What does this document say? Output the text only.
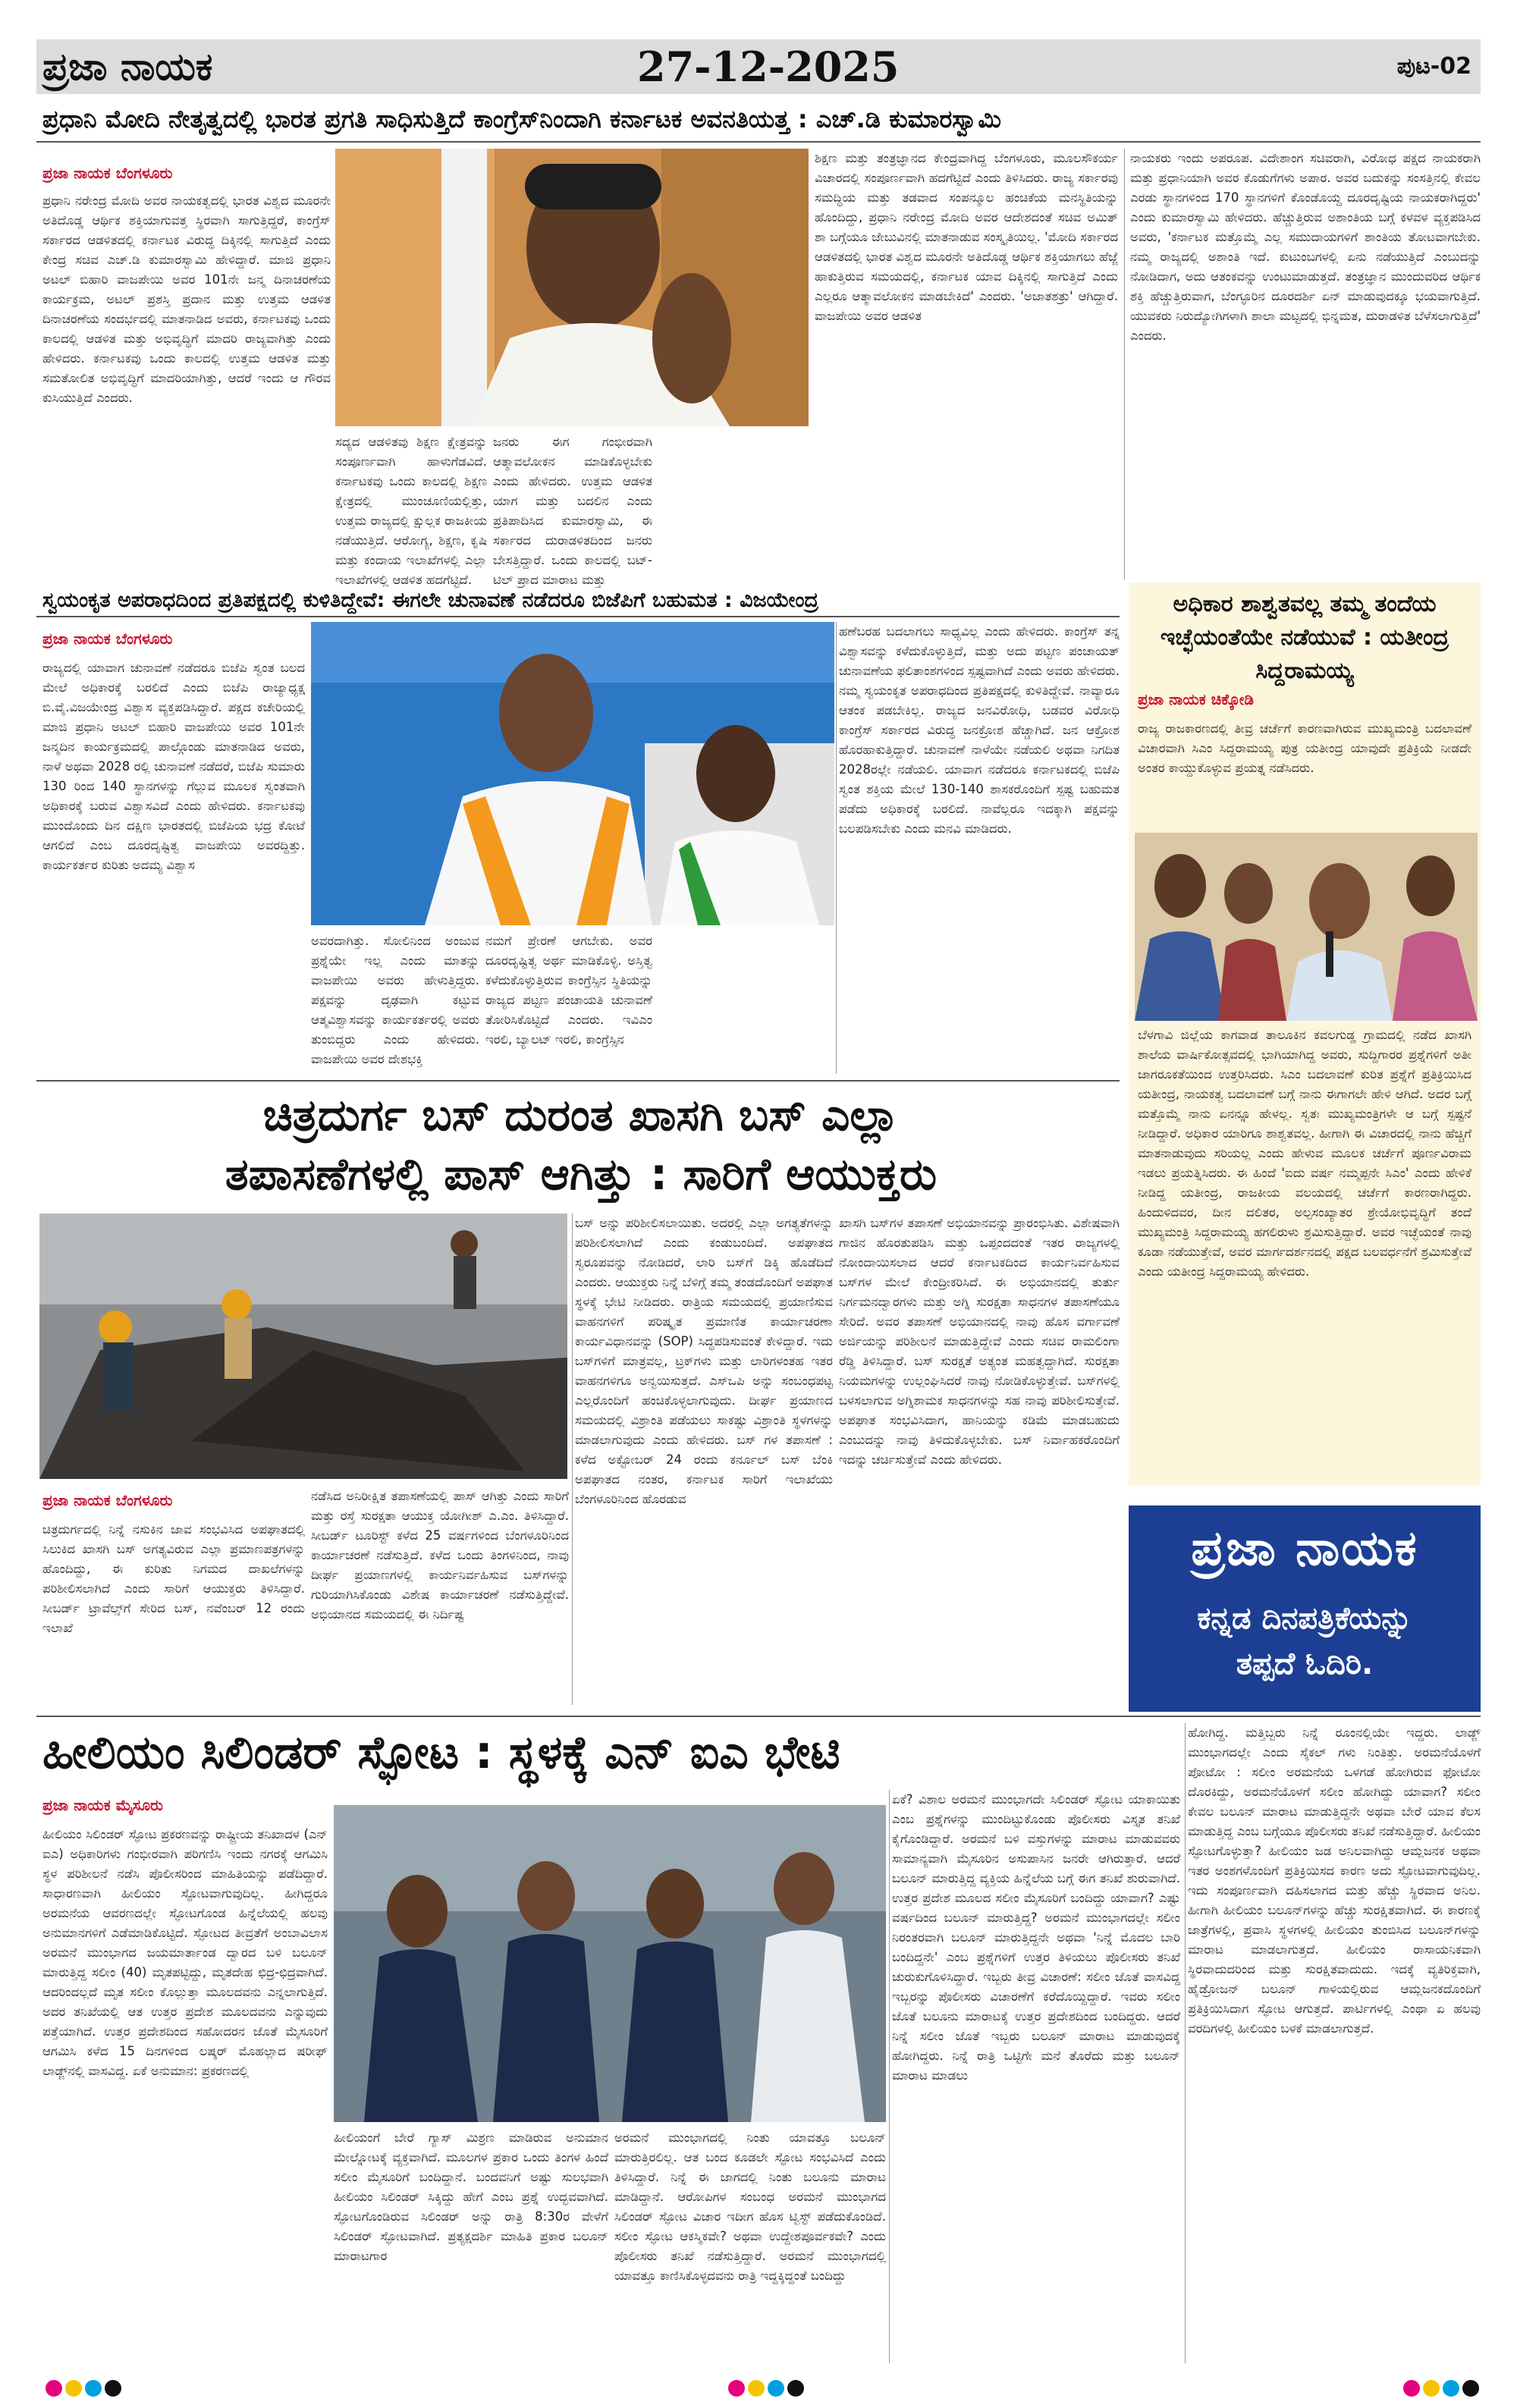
ಪ್ರಜಾ ನಾಯಕ	27-12-2025	ಪುಟ-02
ಪ್ರಧಾನಿ ಮೋದಿ ನೇತೃತ್ವದಲ್ಲಿ ಭಾರತ ಪ್ರಗತಿ ಸಾಧಿಸುತ್ತಿದೆ ಕಾಂಗ್ರೆಸ್‌ನಿಂದಾಗಿ ಕರ್ನಾಟಕ ಅವನತಿಯತ್ತ : ಎಚ್.ಡಿ ಕುಮಾರಸ್ವಾಮಿ
ಪ್ರಜಾ ನಾಯಕ ಬೆಂಗಳೂರು
ಪ್ರಧಾನಿ ನರೇಂದ್ರ ಮೋದಿ ಅವರ ನಾಯಕತ್ವದಲ್ಲಿ ಭಾರತ ವಿಶ್ವದ ಮೂರನೇ ಅತಿದೊಡ್ಡ ಆರ್ಥಿಕ ಶಕ್ತಿಯಾಗುವತ್ತ ಸ್ಥಿರವಾಗಿ ಸಾಗುತ್ತಿದ್ದರೆ, ಕಾಂಗ್ರೆಸ್ ಸರ್ಕಾರದ ಆಡಳಿತದಲ್ಲಿ ಕರ್ನಾಟಕ ವಿರುದ್ಧ ದಿಕ್ಕಿನಲ್ಲಿ ಸಾಗುತ್ತಿದೆ ಎಂದು ಕೇಂದ್ರ ಸಚಿವ ಎಚ್.ಡಿ ಕುಮಾರಸ್ವಾಮಿ ಹೇಳಿದ್ದಾರೆ. ಮಾಜಿ ಪ್ರಧಾನಿ ಅಟಲ್ ಬಿಹಾರಿ ವಾಜಪೇಯಿ ಅವರ 101ನೇ ಜನ್ಮ ದಿನಾಚರಣೆಯ ಕಾರ್ಯಕ್ರಮ, ಅಟಲ್ ಪ್ರಶಸ್ತಿ ಪ್ರದಾನ ಮತ್ತು ಉತ್ತಮ ಆಡಳಿತ ದಿನಾಚರಣೆಯ ಸಂದರ್ಭದಲ್ಲಿ ಮಾತನಾಡಿದ ಅವರು, ಕರ್ನಾಟಕವು ಒಂದು ಕಾಲದಲ್ಲಿ ಆಡಳಿತ ಮತ್ತು ಅಭಿವೃದ್ಧಿಗೆ ಮಾದರಿ ರಾಜ್ಯವಾಗಿತ್ತು ಎಂದು ಹೇಳಿದರು. ಕರ್ನಾಟಕವು ಒಂದು ಕಾಲದಲ್ಲಿ ಉತ್ತಮ ಆಡಳಿತ ಮತ್ತು ಸಮತೋಲಿತ ಅಭಿವೃದ್ಧಿಗೆ ಮಾದರಿಯಾಗಿತ್ತು, ಆದರೆ ಇಂದು ಆ ಗೌರವ ಕುಸಿಯುತ್ತಿದೆ ಎಂದರು.
ಸದ್ಯದ ಆಡಳಿತವು ಶಿಕ್ಷಣ ಕ್ಷೇತ್ರವನ್ನು ಸಂಪೂರ್ಣವಾಗಿ ಹಾಳುಗೆಡವಿದೆ. ಕರ್ನಾಟಕವು ಒಂದು ಕಾಲದಲ್ಲಿ ಶಿಕ್ಷಣ ಕ್ಷೇತ್ರದಲ್ಲಿ ಮುಂಚೂಣಿಯಲ್ಲಿತ್ತು, ಉತ್ತಮ ರಾಜ್ಯದಲ್ಲಿ ಕ್ಷುಲ್ಲಕ ರಾಜಕೀಯ ನಡೆಯುತ್ತಿದೆ. ಆರೋಗ್ಯ, ಶಿಕ್ಷಣ, ಕೃಷಿ ಮತ್ತು ಕಂದಾಯ ಇಲಾಖೆಗಳಲ್ಲಿ ಎಲ್ಲಾ ಇಲಾಖೆಗಳಲ್ಲಿ ಆಡಳಿತ ಹದಗೆಟ್ಟಿದೆ.
ಜನರು ಈಗ ಗಂಭೀರವಾಗಿ ಆತ್ಮಾವಲೋಕನ ಮಾಡಿಕೊಳ್ಳಬೇಕು ಎಂದು ಹೇಳಿದರು. ಉತ್ತಮ ಆಡಳಿತ ಯಾಗ ಮತ್ತು ಬದಲಿನ ಎಂದು ಪ್ರತಿಪಾದಿಸಿದ ಕುಮಾರಸ್ವಾಮಿ, ಈ ಸರ್ಕಾರದ ದುರಾಡಳಿತದಿಂದ ಜನರು ಬೇಸತ್ತಿದ್ದಾರೆ. ಒಂದು ಕಾಲದಲ್ಲಿ ಬಟ್-ಟಿಲ್ ಪ್ರಾದ ಮಾರಾಟ ಮತ್ತು
ಶಿಕ್ಷಣ ಮತ್ತು ತಂತ್ರಜ್ಞಾನದ ಕೇಂದ್ರವಾಗಿದ್ದ ಬೆಂಗಳೂರು, ಮೂಲಸೌಕರ್ಯ ವಿಚಾರದಲ್ಲಿ ಸಂಪೂರ್ಣವಾಗಿ ಹದಗೆಟ್ಟಿದೆ ಎಂದು ತಿಳಿಸಿದರು. ರಾಜ್ಯ ಸರ್ಕಾರವು ಸಮದ್ಧಿಯ ಮತ್ತು ತಡವಾದ ಸಂಪನ್ಮೂಲ ಹಂಚಿಕೆಯ ಮನಸ್ಥಿತಿಯನ್ನು ಹೊಂದಿದ್ದು, ಪ್ರಧಾನಿ ನರೇಂದ್ರ ಮೋದಿ ಅವರ ಆದೇಶದಂತೆ ಸಚಿವ ಅಮಿತ್ ಶಾ ಬಗ್ಗೆಯೂ ಜೇಬುವಿನಲ್ಲಿ ಮಾತನಾಡುವ ಸಂಸ್ಕೃತಿಯಿಲ್ಲ. 'ಮೋದಿ ಸರ್ಕಾರದ ಆಡಳಿತದಲ್ಲಿ ಭಾರತ ವಿಶ್ವದ ಮೂರನೇ ಅತಿದೊಡ್ಡ ಆರ್ಥಿಕ ಶಕ್ತಿಯಾಗಲು ಹೆಜ್ಜೆ ಹಾಕುತ್ತಿರುವ ಸಮಯದಲ್ಲಿ, ಕರ್ನಾಟಕ ಯಾವ ದಿಕ್ಕಿನಲ್ಲಿ ಸಾಗುತ್ತಿದೆ ಎಂದು ಎಲ್ಲರೂ ಆತ್ಮಾವಲೋಕನ ಮಾಡಬೇಕಿದೆ' ಎಂದರು. 'ಅಜಾತಶತ್ರು' ಆಗಿದ್ದಾರೆ. ವಾಜಪೇಯಿ ಅವರ ಆಡಳಿತ
ನಾಯಕರು ಇಂದು ಅಪರೂಪ. ವಿದೇಶಾಂಗ ಸಚಿವರಾಗಿ, ವಿರೋಧ ಪಕ್ಷದ ನಾಯಕರಾಗಿ ಮತ್ತು ಪ್ರಧಾನಿಯಾಗಿ ಅವರ ಕೊಡುಗೆಗಳು ಅಪಾರ. ಅವರ ಬದುಕನ್ನು ಸಂಸತ್ತಿನಲ್ಲಿ ಕೇವಲ ಎರಡು ಸ್ಥಾನಗಳಿಂದ 170 ಸ್ಥಾನಗಳಿಗೆ ಕೊಂಡೊಯ್ದ ದೂರದೃಷ್ಟಿಯ ನಾಯಕರಾಗಿದ್ದರು' ಎಂದು ಕುಮಾರಸ್ವಾಮಿ ಹೇಳಿದರು. ಹೆಚ್ಚುತ್ತಿರುವ ಅಶಾಂತಿಯ ಬಗ್ಗೆ ಕಳವಳ ವ್ಯಕ್ತಪಡಿಸಿದ ಅವರು, 'ಕರ್ನಾಟಕ ಮತ್ತೊಮ್ಮೆ ಎಲ್ಲ ಸಮುದಾಯಗಳಿಗೆ ಶಾಂತಿಯ ತೋಟವಾಗಬೇಕು. ನಮ್ಮ ರಾಜ್ಯದಲ್ಲಿ ಅಶಾಂತಿ ಇದೆ. ಕುಟುಂಬಗಳಲ್ಲಿ ಏನು ನಡೆಯುತ್ತಿದೆ ಎಂಬುದನ್ನು ನೋಡಿದಾಗ, ಅದು ಆತಂಕವನ್ನು ಉಂಟುಮಾಡುತ್ತದೆ. ತಂತ್ರಜ್ಞಾನ ಮುಂದುವರಿದ ಆರ್ಥಿಕ ಶಕ್ತಿ ಹೆಚ್ಚುತ್ತಿರುವಾಗ, ಬೆಂಗ್ಳೂರಿನ ದೂರದರ್ಶಿ ಏನ್ ಮಾಡುವುದಕ್ಕೂ ಭಯವಾಗುತ್ತಿದೆ. ಯುವಕರು ನಿರುದ್ಯೋಗಿಗಳಾಗಿ ಶಾಲಾ ಮಟ್ಟದಲ್ಲಿ ಭಿನ್ನಮತ, ದುರಾಡಳಿತ ಬೆಳೆಸಲಾಗುತ್ತಿದೆ' ಎಂದರು.
ಸ್ವಯಂಕೃತ ಅಪರಾಧದಿಂದ ಪ್ರತಿಪಕ್ಷದಲ್ಲಿ ಕುಳಿತಿದ್ದೇವೆ: ಈಗಲೇ ಚುನಾವಣೆ ನಡೆದರೂ ಬಿಜೆಪಿಗೆ ಬಹುಮತ : ವಿಜಯೇಂದ್ರ
ಪ್ರಜಾ ನಾಯಕ ಬೆಂಗಳೂರು
ರಾಜ್ಯದಲ್ಲಿ ಯಾವಾಗ ಚುನಾವಣೆ ನಡೆದರೂ ಬಿಜೆಪಿ ಸ್ವಂತ ಬಲದ ಮೇಲೆ ಅಧಿಕಾರಕ್ಕೆ ಬರಲಿದೆ ಎಂದು ಬಿಜೆಪಿ ರಾಜ್ಯಾಧ್ಯಕ್ಷ ಬಿ.ವೈ.ವಿಜಯೇಂದ್ರ ವಿಶ್ವಾಸ ವ್ಯಕ್ತಪಡಿಸಿದ್ದಾರೆ. ಪಕ್ಷದ ಕಚೇರಿಯಲ್ಲಿ ಮಾಜಿ ಪ್ರಧಾನಿ ಅಟಲ್ ಬಿಹಾರಿ ವಾಜಪೇಯಿ ಅವರ 101ನೇ ಜನ್ಮದಿನ ಕಾರ್ಯಕ್ರಮದಲ್ಲಿ ಪಾಲ್ಗೊಂಡು ಮಾತನಾಡಿದ ಅವರು, ನಾಳೆ ಅಥವಾ 2028 ರಲ್ಲಿ ಚುನಾವಣೆ ನಡೆದರೆ, ಬಿಜೆಪಿ ಸುಮಾರು 130 ರಿಂದ 140 ಸ್ಥಾನಗಳನ್ನು ಗೆಲ್ಲುವ ಮೂಲಕ ಸ್ವಂತವಾಗಿ ಅಧಿಕಾರಕ್ಕೆ ಬರುವ ವಿಶ್ವಾಸವಿದೆ ಎಂದು ಹೇಳಿದರು. ಕರ್ನಾಟಕವು ಮುಂದೊಂದು ದಿನ ದಕ್ಷಿಣ ಭಾರತದಲ್ಲಿ ಬಿಜೆಪಿಯ ಭದ್ರ ಕೋಟೆ ಆಗಲಿದೆ ಎಂಬ ದೂರದೃಷ್ಟಿತ್ವ ವಾಜಪೇಯಿ ಅವರದ್ದಿತ್ತು. ಕಾರ್ಯಕರ್ತರ ಕುರಿತು ಅದಮ್ಯ ವಿಶ್ವಾಸ
ಅವರದಾಗಿತ್ತು. ಸೋಲಿನಿಂದ ಅಂಜುವ ಪ್ರಶ್ನೆಯೇ ಇಲ್ಲ ಎಂದು ಮಾತನ್ನು ವಾಜಪೇಯಿ ಅವರು ಹೇಳುತ್ತಿದ್ದರು. ಪಕ್ಷವನ್ನು ದೃಢವಾಗಿ ಕಟ್ಟುವ ಆತ್ಮವಿಶ್ವಾಸವನ್ನು ಕಾರ್ಯಕರ್ತರಲ್ಲಿ ಅವರು ತುಂಬಿದ್ದರು ಎಂದು ಹೇಳಿದರು. ವಾಜಪೇಯಿ ಅವರ ದೇಶಭಕ್ತಿ
ನಮಗೆ ಪ್ರೇರಣೆ ಆಗಬೇಕು. ಅವರ ದೂರದೃಷ್ಟಿತ್ವ ಅರ್ಥ ಮಾಡಿಕೊಳ್ಳಿ. ಅಸ್ತಿತ್ವ ಕಳೆದುಕೊಳ್ಳುತ್ತಿರುವ ಕಾಂಗ್ರೆಸ್ಸಿನ ಸ್ಥಿತಿಯನ್ನು ರಾಜ್ಯದ ಪಟ್ಟಣ ಪಂಚಾಯತಿ ಚುನಾವಣೆ ತೋರಿಸಿಕೊಟ್ಟಿದೆ ಎಂದರು. ಇವಿಎಂ ಇರಲಿ, ಬ್ಯಾಲಟ್ ಇರಲಿ, ಕಾಂಗ್ರೆಸ್ಸಿನ
ಹಣೆಬರಹ ಬದಲಾಗಲು ಸಾಧ್ಯವಿಲ್ಲ ಎಂದು ಹೇಳಿದರು. ಕಾಂಗ್ರೆಸ್ ತನ್ನ ವಿಶ್ವಾಸವನ್ನು ಕಳೆದುಕೊಳ್ಳುತ್ತಿದೆ, ಮತ್ತು ಅದು ಪಟ್ಟಣ ಪಂಚಾಯತ್ ಚುನಾವಣೆಯ ಫಲಿತಾಂಶಗಳಿಂದ ಸ್ಪಷ್ಟವಾಗಿದೆ ಎಂದು ಅವರು ಹೇಳಿದರು. ನಮ್ಮ ಸ್ವಯಂಕೃತ ಅಪರಾಧದಿಂದ ಪ್ರತಿಪಕ್ಷದಲ್ಲಿ ಕುಳಿತಿದ್ದೇವೆ. ನಾವ್ಯಾರೂ ಆತಂಕ ಪಡಬೇಕಿಲ್ಲ. ರಾಜ್ಯದ ಜನವಿರೋಧಿ, ಬಡವರ ವಿರೋಧಿ ಕಾಂಗ್ರೆಸ್ ಸರ್ಕಾರದ ವಿರುದ್ಧ ಜನಕ್ರೋಶ ಹೆಚ್ಚಾಗಿದೆ. ಜನ ಆಕ್ರೋಶ ಹೊರಹಾಕುತ್ತಿದ್ದಾರೆ. ಚುನಾವಣೆ ನಾಳೆಯೇ ನಡೆಯಲಿ ಅಥವಾ ನಿಗದಿತ 2028ರಲ್ಲೇ ನಡೆಯಲಿ. ಯಾವಾಗ ನಡೆದರೂ ಕರ್ನಾಟಕದಲ್ಲಿ ಬಿಜೆಪಿ ಸ್ವಂತ ಶಕ್ತಿಯ ಮೇಲೆ 130-140 ಶಾಸಕರೊಂದಿಗೆ ಸ್ಪಷ್ಟ ಬಹುಮತ ಪಡೆದು ಅಧಿಕಾರಕ್ಕೆ ಬರಲಿದೆ. ನಾವೆಲ್ಲರೂ ಇದಕ್ಕಾಗಿ ಪಕ್ಷವನ್ನು ಬಲಪಡಿಸಬೇಕು ಎಂದು ಮನವಿ ಮಾಡಿದರು.
ಅಧಿಕಾರ ಶಾಶ್ವತವಲ್ಲ ತಮ್ಮ ತಂದೆಯ ಇಚ್ಛೆಯಂತೆಯೇ ನಡೆಯುವೆ : ಯತೀಂದ್ರ ಸಿದ್ದರಾಮಯ್ಯ
ಪ್ರಜಾ ನಾಯಕ ಚಿಕ್ಕೋಡಿ
ರಾಜ್ಯ ರಾಜಕಾರಣದಲ್ಲಿ ತೀವ್ರ ಚರ್ಚೆಗೆ ಕಾರಣವಾಗಿರುವ ಮುಖ್ಯಮಂತ್ರಿ ಬದಲಾವಣೆ ವಿಚಾರವಾಗಿ ಸಿಎಂ ಸಿದ್ದರಾಮಯ್ಯ ಪುತ್ರ ಯತೀಂದ್ರ ಯಾವುದೇ ಪ್ರತಿಕ್ರಿಯೆ ನೀಡದೇ ಅಂತರ ಕಾಯ್ದುಕೊಳ್ಳುವ ಪ್ರಯತ್ನ ನಡೆಸಿದರು.
ಬೆಳಗಾವಿ ಜಿಲ್ಲೆಯ ಕಾಗವಾಡ ತಾಲೂಕಿನ ಕವಲಗುಡ್ಡ ಗ್ರಾಮದಲ್ಲಿ ನಡೆದ ಖಾಸಗಿ ಶಾಲೆಯ ವಾರ್ಷಿಕೋತ್ಸವದಲ್ಲಿ ಭಾಗಿಯಾಗಿದ್ದ ಅವರು, ಸುದ್ದಿಗಾರರ ಪ್ರಶ್ನೆಗಳಿಗೆ ಅತೀ ಜಾಗರೂಕತೆಯಿಂದ ಉತ್ತರಿಸಿದರು. ಸಿಎಂ ಬದಲಾವಣೆ ಕುರಿತ ಪ್ರಶ್ನೆಗೆ ಪ್ರತಿಕ್ರಿಯಿಸಿದ ಯತೀಂದ್ರ, ನಾಯಕತ್ವ ಬದಲಾವಣೆ ಬಗ್ಗೆ ನಾನು ಈಗಾಗಲೇ ಹೇಳಿ ಆಗಿದೆ. ಅದರ ಬಗ್ಗೆ ಮತ್ತೊಮ್ಮೆ ನಾನು ಏನನ್ನೂ ಹೇಳಲ್ಲ. ಸ್ವತಃ ಮುಖ್ಯಮಂತ್ರಿಗಳೇ ಆ ಬಗ್ಗೆ ಸ್ಪಷ್ಟನೆ ನೀಡಿದ್ದಾರೆ. ಅಧಿಕಾರ ಯಾರಿಗೂ ಶಾಶ್ವತವಲ್ಲ. ಹೀಗಾಗಿ ಈ ವಿಚಾರದಲ್ಲಿ ನಾನು ಹೆಚ್ಚಿಗೆ ಮಾತನಾಡುವುದು ಸರಿಯಲ್ಲ ಎಂದು ಹೇಳುವ ಮೂಲಕ ಚರ್ಚೆಗೆ ಪೂರ್ಣವಿರಾಮ ಇಡಲು ಪ್ರಯತ್ನಿಸಿದರು. ಈ ಹಿಂದೆ 'ಐದು ವರ್ಷ ನಮ್ಮಪ್ಪನೇ ಸಿಎಂ' ಎಂದು ಹೇಳಿಕೆ ನೀಡಿದ್ದ ಯತೀಂದ್ರ, ರಾಜಕೀಯ ವಲಯದಲ್ಲಿ ಚರ್ಚೆಗೆ ಕಾರಣರಾಗಿದ್ದರು. ಹಿಂದುಳಿದವರ, ದೀನ ದಲಿತರ, ಅಲ್ಪಸಂಖ್ಯಾತರ ಶ್ರೇಯೋಭಿವೃದ್ಧಿಗೆ ತಂದೆ ಮುಖ್ಯಮಂತ್ರಿ ಸಿದ್ದರಾಮಯ್ಯ ಹಗಲಿರುಳು ಶ್ರಮಿಸುತ್ತಿದ್ದಾರೆ. ಅವರ ಇಚ್ಛೆಯಂತೆ ನಾವು ಕೂಡಾ ನಡೆಯುತ್ತೇವೆ, ಅವರ ಮಾರ್ಗದರ್ಶನದಲ್ಲಿ ಪಕ್ಷದ ಬಲವರ್ಧನೆಗೆ ಶ್ರಮಿಸುತ್ತೇವೆ ಎಂದು ಯತೀಂದ್ರ ಸಿದ್ದರಾಮಯ್ಯ ಹೇಳಿದರು.
ಚಿತ್ರದುರ್ಗ ಬಸ್ ದುರಂತ ಖಾಸಗಿ ಬಸ್ ಎಲ್ಲಾ
ತಪಾಸಣೆಗಳಲ್ಲಿ ಪಾಸ್ ಆಗಿತ್ತು : ಸಾರಿಗೆ ಆಯುಕ್ತರು
ಪ್ರಜಾ ನಾಯಕ ಬೆಂಗಳೂರು
ಚಿತ್ರದುರ್ಗದಲ್ಲಿ ನಿನ್ನೆ ನಸುಕಿನ ಜಾವ ಸಂಭವಿಸಿದ ಅಪಘಾತದಲ್ಲಿ ಸಿಲುಕಿದ ಖಾಸಗಿ ಬಸ್ ಅಗತ್ಯವಿರುವ ಎಲ್ಲಾ ಪ್ರಮಾಣಪತ್ರಗಳನ್ನು ಹೊಂದಿದ್ದು, ಈ ಕುರಿತು ನಿಗಮದ ದಾಖಲೆಗಳನ್ನು ಪರಿಶೀಲಿಸಲಾಗಿದೆ ಎಂದು ಸಾರಿಗೆ ಆಯುಕ್ತರು ತಿಳಿಸಿದ್ದಾರೆ. ಸೀಬರ್ಡ್ ಟ್ರಾವೆಲ್ಸ್‌ಗೆ ಸೇರಿದ ಬಸ್, ನವೆಂಬರ್ 12 ರಂದು ಇಲಾಖೆ
ನಡೆಸಿದ ಅನಿರೀಕ್ಷಿತ ತಪಾಸಣೆಯಲ್ಲಿ ಪಾಸ್ ಆಗಿತ್ತು ಎಂದು ಸಾರಿಗೆ ಮತ್ತು ರಸ್ತೆ ಸುರಕ್ಷತಾ ಆಯುಕ್ತ ಯೋಗೀಶ್ ಎ.ಎಂ. ತಿಳಿಸಿದ್ದಾರೆ. ಸೀಬರ್ಡ್ ಟೂರಿಸ್ಟ್ ಕಳೆದ 25 ವರ್ಷಗಳಿಂದ ಬೆಂಗಳೂರಿನಿಂದ ಕಾರ್ಯಾಚರಣೆ ನಡೆಸುತ್ತಿದೆ. ಕಳೆದ ಒಂದು ತಿಂಗಳಿನಿಂದ, ನಾವು ದೀರ್ಘ ಪ್ರಯಾಣಗಳಲ್ಲಿ ಕಾರ್ಯನಿರ್ವಹಿಸುವ ಬಸ್‌ಗಳನ್ನು ಗುರಿಯಾಗಿಸಿಕೊಂಡು ವಿಶೇಷ ಕಾರ್ಯಾಚರಣೆ ನಡೆಸುತ್ತಿದ್ದೇವೆ. ಅಭಿಯಾನದ ಸಮಯದಲ್ಲಿ ಈ ನಿರ್ದಿಷ್ಟ
ಬಸ್ ಅನ್ನು ಪರಿಶೀಲಿಸಲಾಯಿತು. ಅದರಲ್ಲಿ ಎಲ್ಲಾ ಅಗತ್ಯತೆಗಳನ್ನು ಪರಿಶೀಲಿಸಲಾಗಿದೆ ಎಂದು ಕಂಡುಬಂದಿದೆ. ಅಪಘಾತದ ಸ್ವರೂಪವನ್ನು ನೋಡಿದರೆ, ಲಾರಿ ಬಸ್‌ಗೆ ಡಿಕ್ಕಿ ಹೊಡೆದಿದೆ ಎಂದರು. ಆಯುಕ್ತರು ನಿನ್ನೆ ಬೆಳಿಗ್ಗೆ ತಮ್ಮ ತಂಡದೊಂದಿಗೆ ಅಪಘಾತ ಸ್ಥಳಕ್ಕೆ ಭೇಟಿ ನೀಡಿದರು. ರಾತ್ರಿಯ ಸಮಯದಲ್ಲಿ ಪ್ರಯಾಣಿಸುವ ವಾಹನಗಳಿಗೆ ಪರಿಷ್ಕೃತ ಪ್ರಮಾಣಿತ ಕಾರ್ಯಾಚರಣಾ ಕಾರ್ಯವಿಧಾನವನ್ನು (SOP) ಸಿದ್ಧಪಡಿಸುವಂತೆ ಕೇಳಿದ್ದಾರೆ. ಇದು ಬಸ್‌ಗಳಿಗೆ ಮಾತ್ರವಲ್ಲ, ಟ್ರಕ್‌ಗಳು ಮತ್ತು ಲಾರಿಗಳಂತಹ ಇತರ ವಾಹನಗಳಿಗೂ ಅನ್ವಯಿಸುತ್ತದೆ. ಎಸ್‌ಒಪಿ ಅನ್ನು ಸಂಬಂಧಪಟ್ಟ ಎಲ್ಲರೊಂದಿಗೆ ಹಂಚಿಕೊಳ್ಳಲಾಗುವುದು. ದೀರ್ಘ ಪ್ರಯಾಣದ ಸಮಯದಲ್ಲಿ ವಿಶ್ರಾಂತಿ ಪಡೆಯಲು ಸಾಕಷ್ಟು ವಿಶ್ರಾಂತಿ ಸ್ಥಳಗಳನ್ನು ಮಾಡಲಾಗುವುದು ಎಂದು ಹೇಳಿದರು. ಬಸ್ ಗಳ ತಪಾಸಣೆ : ಕಳೆದ ಅಕ್ಟೋಬರ್ 24 ರಂದು ಕರ್ನೂಲ್ ಬಸ್ ಬೆಂಕಿ ಅಪಘಾತದ ನಂತರ, ಕರ್ನಾಟಕ ಸಾರಿಗೆ ಇಲಾಖೆಯು ಬೆಂಗಳೂರಿನಿಂದ ಹೊರಡುವ
ಖಾಸಗಿ ಬಸ್‌ಗಳ ತಪಾಸಣೆ ಅಭಿಯಾನವನ್ನು ಪ್ರಾರಂಭಿಸಿತು. ವಿಶೇಷವಾಗಿ ಗಾಜಿನ ಹೊರತುಪಡಿಸಿ ಮತ್ತು ಒಪ್ಪಂದದಂತೆ ಇತರ ರಾಜ್ಯಗಳಲ್ಲಿ ನೋಂದಾಯಿಸಲಾದ ಆದರೆ ಕರ್ನಾಟಕದಿಂದ ಕಾರ್ಯನಿರ್ವಹಿಸುವ ಬಸ್‌ಗಳ ಮೇಲೆ ಕೇಂದ್ರೀಕರಿಸಿದೆ. ಈ ಅಭಿಯಾನದಲ್ಲಿ ತುರ್ತು ನಿರ್ಗಮನದ್ವಾರಗಳು ಮತ್ತು ಅಗ್ನಿ ಸುರಕ್ಷತಾ ಸಾಧನಗಳ ತಪಾಸಣೆಯೂ ಸೇರಿದೆ. ಅವರ ತಪಾಸಣೆ ಅಭಿಯಾನದಲ್ಲಿ ನಾವು ಹೊಸ ವರ್ಗಾವಣೆ ಅರ್ಜಿಯನ್ನು ಪರಿಶೀಲನೆ ಮಾಡುತ್ತಿದ್ದೇವೆ ಎಂದು ಸಚಿವ ರಾಮಲಿಂಗಾ ರೆಡ್ಡಿ ತಿಳಿಸಿದ್ದಾರೆ. ಬಸ್ ಸುರಕ್ಷತೆ ಅತ್ಯಂತ ಮಹತ್ವದ್ದಾಗಿದೆ. ಸುರಕ್ಷತಾ ನಿಯಮಗಳನ್ನು ಉಲ್ಲಂಘಿಸಿದರೆ ನಾವು ನೋಡಿಕೊಳ್ಳುತ್ತೇವೆ. ಬಸ್‌ಗಳಲ್ಲಿ ಬಳಸಲಾಗುವ ಅಗ್ನಿಶಾಮಕ ಸಾಧನಗಳನ್ನು ಸಹ ನಾವು ಪರಿಶೀಲಿಸುತ್ತೇವೆ. ಅಪಘಾತ ಸಂಭವಿಸಿದಾಗ, ಹಾನಿಯನ್ನು ಕಡಿಮೆ ಮಾಡಬಹುದು ಎಂಬುದನ್ನು ನಾವು ತಿಳಿದುಕೊಳ್ಳಬೇಕು. ಬಸ್ ನಿರ್ವಾಹಕರೊಂದಿಗೆ ಇದನ್ನು ಚರ್ಚಿಸುತ್ತೇವೆ ಎಂದು ಹೇಳಿದರು.
ಪ್ರಜಾ ನಾಯಕ
ಕನ್ನಡ ದಿನಪತ್ರಿಕೆಯನ್ನು
ತಪ್ಪದೆ ಓದಿರಿ.
ಹೀಲಿಯಂ ಸಿಲಿಂಡರ್ ಸ್ಫೋಟ : ಸ್ಥಳಕ್ಕೆ ಎನ್ ಐಎ ಭೇಟಿ
ಪ್ರಜಾ ನಾಯಕ ಮೈಸೂರು
ಹೀಲಿಯಂ ಸಿಲಿಂಡರ್ ಸ್ಫೋಟ ಪ್ರಕರಣವನ್ನು ರಾಷ್ಟ್ರೀಯ ತನಿಖಾದಳ (ಎನ್ ಐಎ) ಅಧಿಕಾರಿಗಳು ಗಂಭೀರವಾಗಿ ಪರಿಗಣಿಸಿ ಇಂದು ನಗರಕ್ಕೆ ಆಗಮಿಸಿ ಸ್ಥಳ ಪರಿಶೀಲನೆ ನಡೆಸಿ ಪೊಲೀಸರಿಂದ ಮಾಹಿತಿಯನ್ನು ಪಡೆದಿದ್ದಾರೆ. ಸಾಧಾರಣವಾಗಿ ಹೀಲಿಯಂ ಸ್ಫೋಟವಾಗುವುದಿಲ್ಲ. ಹೀಗಿದ್ದರೂ ಅರಮನೆಯ ಆವರಣದಲ್ಲೇ ಸ್ಫೋಟಗೊಂಡ ಹಿನ್ನೆಲೆಯಲ್ಲಿ ಹಲವು ಅನುಮಾನಗಳಿಗೆ ಎಡೆಮಾಡಿಕೊಟ್ಟಿದೆ. ಸ್ಫೋಟದ ತೀವ್ರತೆಗೆ ಅಂಬಾವಿಲಾಸ ಅರಮನೆ ಮುಂಭಾಗದ ಜಯಮಾರ್ತಾಂಡ ದ್ವಾರದ ಬಳಿ ಬಲೂನ್ ಮಾರುತ್ತಿದ್ದ ಸಲೀಂ (40) ಮೃತಪಟ್ಟಿದ್ದು, ಮೃತದೇಹ ಛಿದ್ರ-ಛಿದ್ರವಾಗಿದೆ. ಆದರಿಂದಲ್ಲದೆ ಮೃತ ಸಲೀಂ ಕೊಲ್ಲುತ್ತಾ ಮೂಲದವನು ಎನ್ನಲಾಗುತ್ತಿದೆ. ಅದರ ತನಿಖೆಯಲ್ಲಿ ಆತ ಉತ್ತರ ಪ್ರದೇಶ ಮೂಲದವನು ಎನ್ನುವುದು ಪತ್ತೆಯಾಗಿದೆ. ಉತ್ತರ ಪ್ರದೇಶದಿಂದ ಸಹೋದರನ ಜೊತೆ ಮೈಸೂರಿಗೆ ಆಗಮಿಸಿ ಕಳೆದ 15 ದಿನಗಳಿಂದ ಲಷ್ಕರ್ ಮೊಹಲ್ಲಾದ ಷರೀಫ್ ಲಾಡ್ಜ್‌ನಲ್ಲಿ ವಾಸವಿದ್ದ. ಏಕೆ ಅನುಮಾನ: ಪ್ರಕರಣದಲ್ಲಿ
ಹೀಲಿಯಂಗೆ ಬೇರೆ ಗ್ಯಾಸ್ ಮಿಶ್ರಣ ಮಾಡಿರುವ ಅನುಮಾನ ಮೇಲ್ನೋಟಕ್ಕೆ ವ್ಯಕ್ತವಾಗಿದೆ. ಮೂಲಗಳ ಪ್ರಕಾರ ಒಂದು ತಿಂಗಳ ಹಿಂದೆ ಸಲೀಂ ಮೈಸೂರಿಗೆ ಬಂದಿದ್ದಾನೆ. ಬಂದವನಿಗೆ ಅಷ್ಟು ಸುಲಭವಾಗಿ ಹೀಲಿಯಂ ಸಿಲಿಂಡರ್ ಸಿಕ್ಕಿದ್ದು ಹೇಗೆ ಎಂಬ ಪ್ರಶ್ನೆ ಉದ್ಭವವಾಗಿದೆ. ಸ್ಫೋಟಗೊಂಡಿರುವ ಸಿಲಿಂಡರ್ ಅನ್ನು ರಾತ್ರಿ 8:30ರ ವೇಳೆಗೆ ಸಿಲಿಂಡರ್ ಸ್ಫೋಟವಾಗಿದೆ. ಪ್ರತ್ಯಕ್ಷದರ್ಶಿ ಮಾಹಿತಿ ಪ್ರಕಾರ ಬಲೂನ್ ಮಾರಾಟಗಾರ
ಅರಮನೆ ಮುಂಭಾಗದಲ್ಲಿ ನಿಂತು ಯಾವತ್ತೂ ಬಲೂನ್ ಮಾರುತ್ತಿರಲಿಲ್ಲ. ಆತ ಬಂದ ಕೂಡಲೇ ಸ್ಫೋಟ ಸಂಭವಿಸಿದೆ ಎಂದು ತಿಳಿಸಿದ್ದಾರೆ. ನಿನ್ನೆ ಈ ಜಾಗದಲ್ಲಿ ನಿಂತು ಬಲೂನು ಮಾರಾಟ ಮಾಡಿದ್ದಾನೆ. ಆರೋಪಿಗಳ ಸಂಬಂಧ ಅರಮನೆ ಮುಂಭಾಗದ ಸಿಲಿಂಡರ್ ಸ್ಫೋಟ ವಿಚಾರ ಇದೀಗ ಹೊಸ ಟ್ವಿಸ್ಟ್ ಪಡೆದುಕೊಂಡಿದೆ. ಸಲೀಂ ಸ್ಫೋಟ ಆಕಸ್ಮಿಕವೇ? ಅಥವಾ ಉದ್ದೇಶಪೂರ್ವಕವೇ? ಎಂದು ಪೊಲೀಸರು ತನಿಖೆ ನಡೆಸುತ್ತಿದ್ದಾರೆ. ಅರಮನೆ ಮುಂಭಾಗದಲ್ಲಿ ಯಾವತ್ತೂ ಕಾಣಿಸಿಕೊಳ್ಳದವನು ರಾತ್ರಿ ಇದ್ದಕ್ಕಿದ್ದಂತೆ ಬಂದಿದ್ದು
ಏಕೆ? ವಿಶಾಲ ಅರಮನೆ ಮುಂಭಾಗದೇ ಸಿಲಿಂಡರ್ ಸ್ಫೋಟ ಯಾಕಾಯಿತು ಎಂಬ ಪ್ರಶ್ನೆಗಳನ್ನು ಮುಂದಿಟ್ಟುಕೊಂಡು ಪೊಲೀಸರು ವಿಸ್ತೃತ ತನಿಖೆ ಕೈಗೊಂಡಿದ್ದಾರೆ. ಅರಮನೆ ಬಳಿ ವಸ್ತುಗಳನ್ನು ಮಾರಾಟ ಮಾಡುವವರು ಸಾಮಾನ್ಯವಾಗಿ ಮೈಸೂರಿನ ಅಸುಪಾಸಿನ ಜನರೇ ಆಗಿರುತ್ತಾರೆ. ಆದರೆ ಬಲೂನ್ ಮಾರುತ್ತಿದ್ದ ವ್ಯಕ್ತಿಯ ಹಿನ್ನೆಲೆಯ ಬಗ್ಗೆ ಈಗ ತನಿಖೆ ಶುರುವಾಗಿದೆ. ಉತ್ತರ ಪ್ರದೇಶ ಮೂಲದ ಸಲೀಂ ಮೈಸೂರಿಗೆ ಬಂದಿದ್ದು ಯಾವಾಗ? ಎಷ್ಟು ವರ್ಷದಿಂದ ಬಲೂನ್ ಮಾರುತ್ತಿದ್ದ? ಅರಮನೆ ಮುಂಭಾಗದಲ್ಲೇ ಸಲೀಂ ನಿರಂತರವಾಗಿ ಬಲೂನ್ ಮಾರುತ್ತಿದ್ದನೇ ಅಥವಾ 'ನಿನ್ನೆ ಮೊದಲ ಬಾರಿ ಬಂದಿದ್ದನೇ' ಎಂಬ ಪ್ರಶ್ನೆಗಳಿಗೆ ಉತ್ತರ ತಿಳಿಯಲು ಪೊಲೀಸರು ತನಿಖೆ ಚುರುಕುಗೊಳಿಸಿದ್ದಾರೆ. ಇಬ್ಬರು ತೀವ್ರ ವಿಚಾರಣೆ: ಸಲೀಂ ಜೊತೆ ವಾಸವಿದ್ದ ಇಬ್ಬರನ್ನು ಪೊಲೀಸರು ವಿಚಾರಣೆಗೆ ಕರೆದೊಯ್ದಿದ್ದಾರೆ. ಇವರು ಸಲೀಂ ಜೊತೆ ಬಲೂನು ಮಾರಾಟಕ್ಕೆ ಉತ್ತರ ಪ್ರದೇಶದಿಂದ ಬಂದಿದ್ದರು. ಆದರೆ ನಿನ್ನೆ ಸಲೀಂ ಜೊತೆ ಇಬ್ಬರು ಬಲೂನ್ ಮಾರಾಟ ಮಾಡುವುದಕ್ಕೆ ಹೋಗಿದ್ದರು. ನಿನ್ನೆ ರಾತ್ರಿ ಒಟ್ಟಿಗೇ ಮನೆ ತೊರೆದು ಮತ್ತು ಬಲೂನ್ ಮಾರಾಟ ಮಾಡಲು
ಹೋಗಿದ್ದ. ಮತ್ತಿಬ್ಬರು ನಿನ್ನೆ ರೂಂನಲ್ಲಿಯೇ ಇದ್ದರು. ಲಾಡ್ಜ್ ಮುಂಭಾಗದಲ್ಲೇ ಎಂದು ಸೈಕಲ್ ಗಳು ನಿಂತಿತ್ತು. ಅರಮನೆಯೊಳಗೆ ಪೋಟೋ : ಸಲೀಂ ಅರಮನೆಯ ಒಳಗಡೆ ಹೋಗಿರುವ ಫೋಟೋ ದೊರಕಿದ್ದು, ಅರಮನೆಯೊಳಗೆ ಸಲೀಂ ಹೋಗಿದ್ದು ಯಾವಾಗ? ಸಲೀಂ ಕೇವಲ ಬಲೂನ್ ಮಾರಾಟ ಮಾಡುತ್ತಿದ್ದನೇ ಅಥವಾ ಬೇರೆ ಯಾವ ಕೆಲಸ ಮಾಡುತ್ತಿದ್ದ ಎಂಬ ಬಗ್ಗೆಯೂ ಪೊಲೀಸರು ತನಿಖೆ ನಡೆಸುತ್ತಿದ್ದಾರೆ. ಹೀಲಿಯಂ ಸ್ಫೋಟಗೊಳ್ಳುತ್ತಾ? ಹೀಲಿಯಂ ಜಡ ಅನಿಲವಾಗಿದ್ದು ಆಮ್ಲಜನಕ ಅಥವಾ ಇತರ ಅಂಶಗಳೊಂದಿಗೆ ಪ್ರತಿಕ್ರಿಯಿಸದ ಕಾರಣ ಅದು ಸ್ಫೋಟವಾಗುವುದಿಲ್ಲ. ಇದು ಸಂಪೂರ್ಣವಾಗಿ ದಹಿಸಲಾಗದ ಮತ್ತು ಹೆಚ್ಚು ಸ್ಥಿರವಾದ ಅನಿಲ. ಹೀಗಾಗಿ ಹೀಲಿಯಂ ಬಲೂನ್‌ಗಳನ್ನು ಹೆಚ್ಚು ಸುರಕ್ಷಿತವಾಗಿದೆ. ಈ ಕಾರಣಕ್ಕೆ ಜಾತ್ರೆಗಳಲ್ಲಿ, ಪ್ರವಾಸಿ ಸ್ಥಳಗಳಲ್ಲಿ ಹೀಲಿಯಂ ತುಂಬಿಸಿದ ಬಲೂನ್‌ಗಳನ್ನು ಮಾರಾಟ ಮಾಡಲಾಗುತ್ತದೆ. ಹೀಲಿಯಂ ರಾಸಾಯನಿಕವಾಗಿ ಸ್ಥಿರವಾದುದರಿಂದ ಮತ್ತು ಸುರಕ್ಷಿತವಾದುದು. ಇದಕ್ಕೆ ವ್ಯತಿರಿಕ್ತವಾಗಿ, ಹೈಡ್ರೋಜನ್ ಬಲೂನ್ ಗಾಳಿಯಲ್ಲಿರುವ ಆಮ್ಲಜನಕದೊಂದಿಗೆ ಪ್ರತಿಕ್ರಿಯಿಸಿದಾಗ ಸ್ಫೋಟ ಆಗುತ್ತದೆ. ಪಾರ್ಟಿಗಳಲ್ಲಿ ಎಂಥಾ ಏ ಹಲವು ವರದಿಗಳಲ್ಲಿ ಹೀಲಿಯಂ ಬಳಕೆ ಮಾಡಲಾಗುತ್ತದೆ.
